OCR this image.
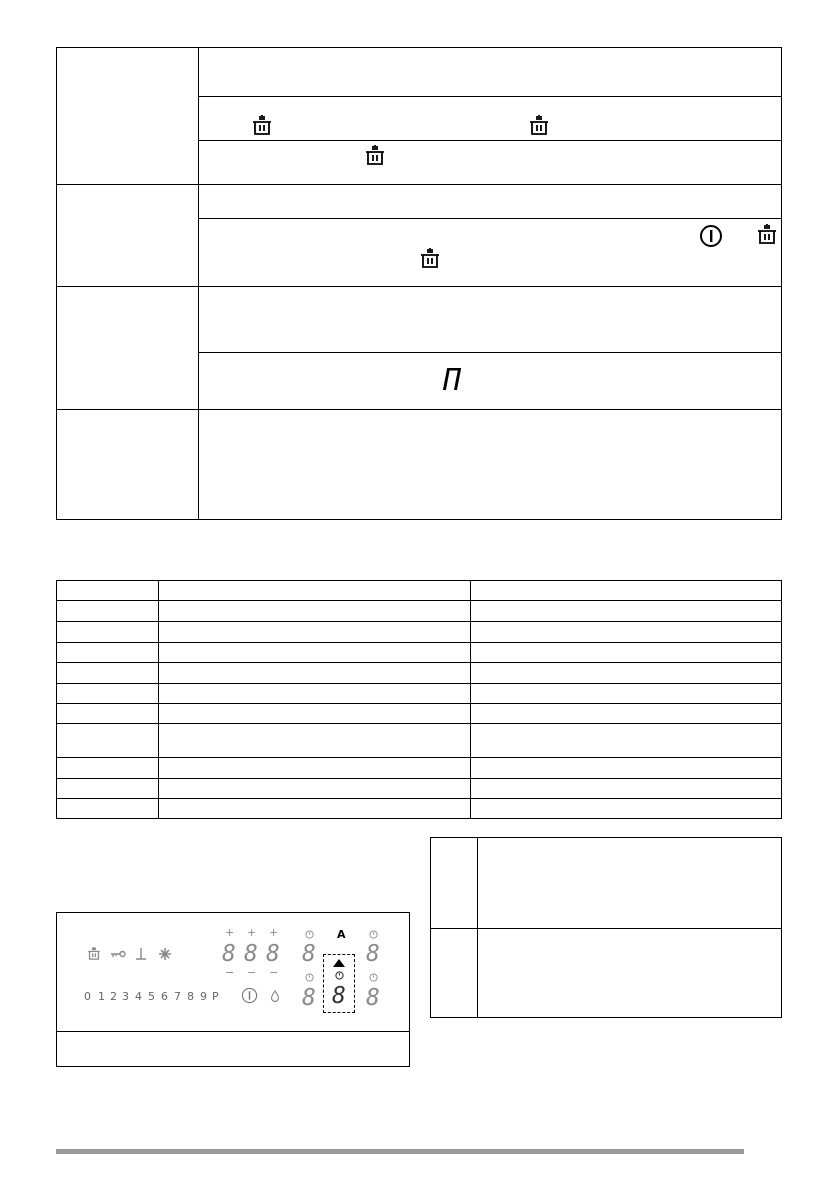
Π
+ + +
8 8 8
− − −
8
8
A
8
8
8
0 1 2 3 4 5 6 7 8 9 P
